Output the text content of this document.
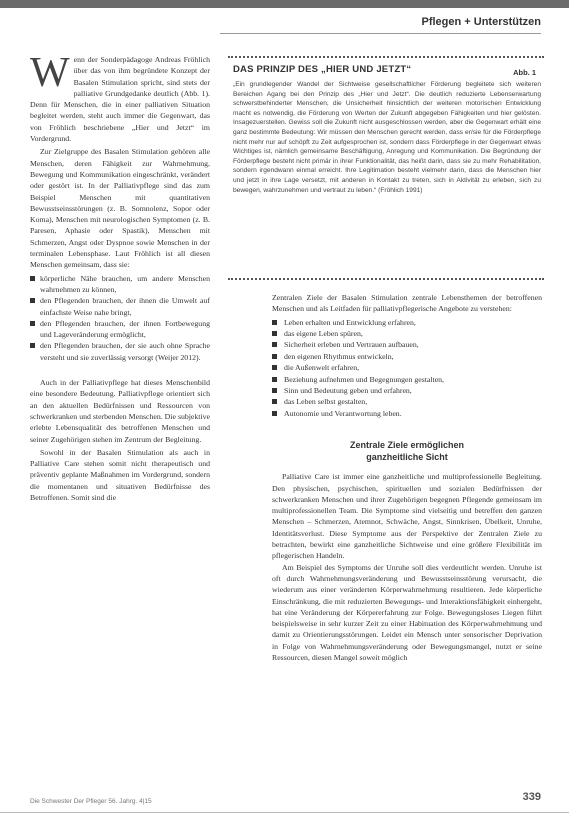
Pflegen + Unterstützen
DAS PRINZIP DES „HIER UND JETZT“	Abb. 1
„Ein grundlegender Wandel der Sichtweise gesellschaftlicher Förderung begleitete sich weiteren Bereichen Agang bei den Prinzip des „Hier und Jetzt“. Die deutlich reduzierte Lebenserwartung schwerstbehinderter Menschen, die Unsicherheit hinsichtlich der weiteren motorischen Entwicklung macht es notwendig, die Förderung von Werten der Zukunft abgegeben Fähigkeiten und hier gelösten. Insagezuerstellen. Gewiss soll die Zukunft nicht ausgeschlossen werden, aber die Gegenwart erhält eine ganz bestimmte Bedeutung: Wir müssen den Menschen gerecht werden, dass er/sie für die Förderpflege nicht mehr nur auf schöpft zu Zeit aufgesprochen ist, sondern dass Förderpflege in der Gegenwart etwas Wichtiges ist, nämlich gemeinsame Beschäftigung, Anregung und Kommunikation. Die Begründung der Förderpflege besteht nicht primär in ihrer Funktionalität, das heißt darin, dass sie zu mehr Rehabilitation, sondern irgendwann einmal erreicht. Ihre Legitimation besteht vielmehr darin, dass die Menschen hier und jetzt in ihre Lage versetzt, mit anderen in Kontakt zu treten, sich in Aktivität zu erleben, sich zu bewegen, wahrzunehmen und vertraut zu leben.“ (Fröhlich 1991)
W enn der Sonderpädagoge Andreas Fröhlich über das von ihm begründete Konzept der Basalen Stimulation spricht, sind stets der palliative Grundgedanke deutlich (Abb. 1). Denn für Menschen, die in einer palliativen Situation begleitet werden, steht auch immer die Gegenwart, das von Fröhlich beschriebene „Hier und Jetzt“ im Vordergrund.

Zur Zielgruppe des Basalen Stimulation gehören alle Menschen, deren Fähigkeit zur Wahrnehmung, Bewegung und Kommunikation eingeschränkt, verändert oder gestört ist. In der Palliativpflege sind das zum Beispiel Menschen mit quantitativen Bewusstseinsstörungen (z. B. Somnolenz, Sopor oder Koma), Menschen mit neurologischen Symptomen (z. B. Paresen, Aphasie oder Spastik), Menschen mit Schmerzen, Angst oder Dyspnoe sowie Menschen in der terminalen Lebensphase. Laut Fröhlich ist all diesen Menschen gemeinsam, dass sie:

körperliche Nähe brauchen, um andere Menschen wahrnehmen zu können,
den Pflegenden brauchen, der ihnen die Umwelt auf einfachste Weise nahe bringt,
den Pflegenden brauchen, der ihnen Fortbewegung und Lageveränderung ermöglicht,
den Pflegenden brauchen, der sie auch ohne Sprache versteht und sie zuverlässig versorgt (Weijer 2012).

Auch in der Palliativpflege hat dieses Menschenbild eine besondere Bedeutung. Palliativpflege orientiert sich an den aktuellen Bedürfnissen und Ressourcen von schwerkranken und sterbenden Menschen. Die subjektive erlebte Lebensqualität des betroffenen Menschen und seiner Zugehörigen stehen im Zentrum der Begleitung.

Sowohl in der Basalen Stimulation als auch in Palliative Care stehen somit nicht therapeutisch und präventiv geplante Maßnahmen im Vordergrund, sondern die momentanen und situativen Bedürfnisse des Betroffenen. Somit sind die

Zentralen Ziele der Basalen Stimulation zentrale Lebensthemen der betroffenen Menschen und als Leitfaden für palliativpflegerische Angebote zu verstehen:

Leben erhalten und Entwicklung erfahren,
das eigene Leben spüren,
Sicherheit erleben und Vertrauen aufbauen,
den eigenen Rhythmus entwickeln,
die Außenwelt erfahren,
Beziehung aufnehmen und Begegnungen gestalten,
Sinn und Bedeutung geben und erfahren,
das Leben selbst gestalten,
Autonomie und Verantwortung leben.
Zentrale Ziele ermöglichen
ganzheitliche Sicht

Palliative Care ist immer eine ganzheitliche und multiprofessionelle Begleitung. Den physischen, psychischen, spirituellen und sozialen Bedürfnissen der schwerkranken Menschen und ihrer Zugehörigen begegnen Pflegende gemeinsam im multiprofessionellen Team. Die Symptome sind vielseitig und betreffen den ganzen Menschen – Schmerzen, Atemnot, Schwäche, Angst, Sinnkrisen, Übelkeit, Unruhe, Identitätsverlust. Diese Symptome aus der Perspektive der Zentralen Ziele zu betrachten, bewirkt eine ganzheitliche Sichtweise und eine größere Flexibilität im pflegerischen Handeln.

Am Beispiel des Symptoms der Unruhe soll dies verdeutlicht werden. Unruhe ist oft durch Wahrnehmungsveränderung und Bewusstseinsstörung verursacht, die wiederum aus einer veränderten Körperwahrnehmung resultieren. Jede körperliche Einschränkung, die mit reduzierten Bewegungs- und Interaktionsfähigkeit einhergeht, hat eine Veränderung der Körpererfahrung zur Folge. Bewegungsloses Liegen führt beispielsweise in sehr kurzer Zeit zu einer Habituation des Körperwahrnehmung und damit zu Orientierungsstörungen. Leidet ein Mensch unter sensorischer Deprivation in Folge von Wahrnehmungsveränderung oder Bewegungsmangel, nutzt er seine Ressourcen, diesen Mangel soweit möglich

Die Schwester Der Pfleger 56. Jahrg. 4|15	339
